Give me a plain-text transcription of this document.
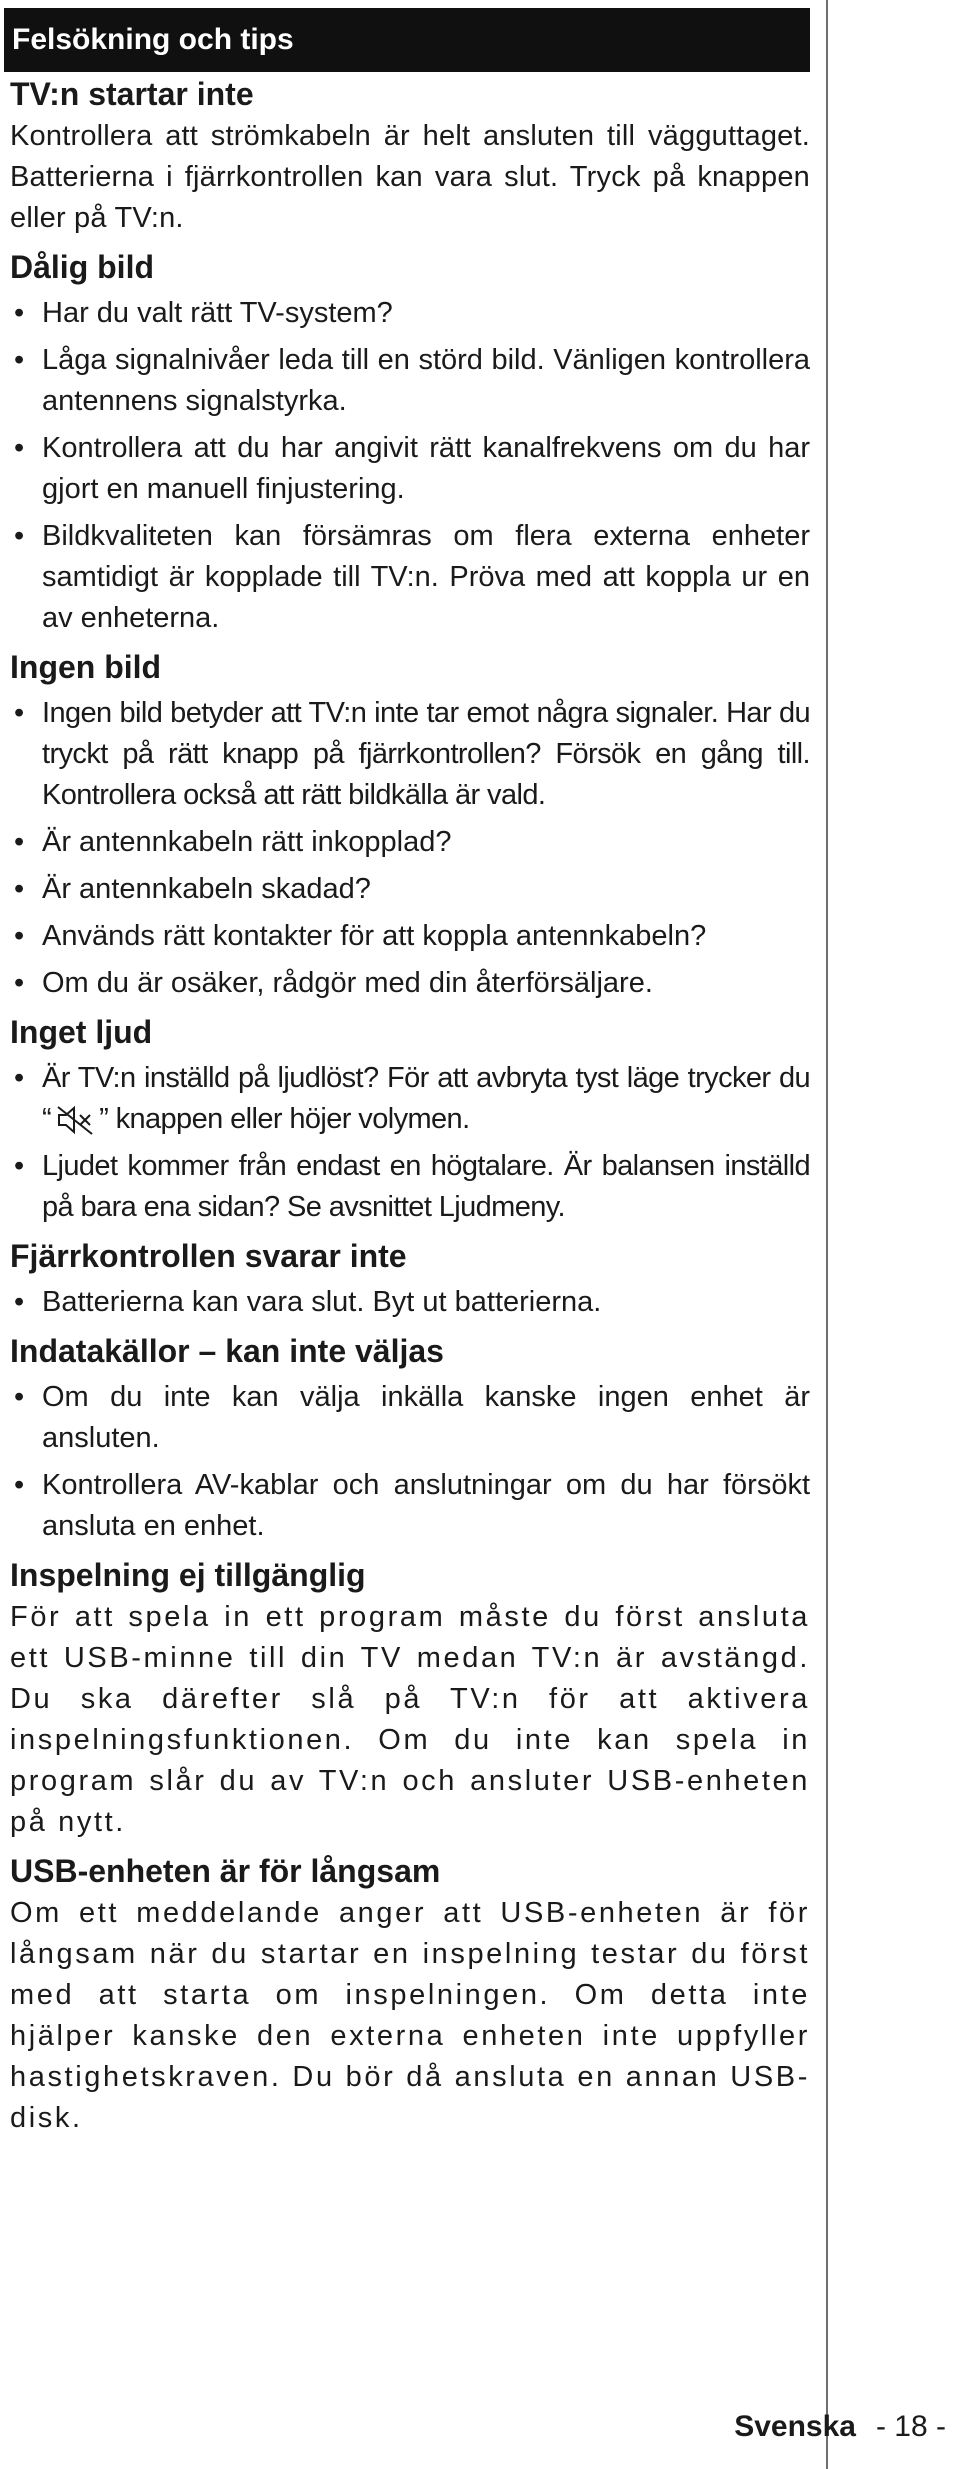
Felsökning och tips
TV:n startar inte

Kontrollera att strömkabeln är helt ansluten till vägguttaget. Batterierna i fjärrkontrollen kan vara slut. Tryck på knappen eller på TV:n.

Dålig bild
• Har du valt rätt TV-system?
• Låga signalnivåer leda till en störd bild. Vänligen kontrollera antennens signalstyrka.
• Kontrollera att du har angivit rätt kanalfrekvens om du har gjort en manuell finjustering.
• Bildkvaliteten kan försämras om flera externa enheter samtidigt är kopplade till TV:n. Pröva med att koppla ur en av enheterna.
Ingen bild
• Ingen bild betyder att TV:n inte tar emot några signaler. Har du tryckt på rätt knapp på fjärrkontrollen? Försök en gång till. Kontrollera också att rätt bildkälla är vald.
• Är antennkabeln rätt inkopplad?
• Är antennkabeln skadad?
• Används rätt kontakter för att koppla antennkabeln?
• Om du är osäker, rådgör med din återförsäljare.
Inget ljud
• Är TV:n inställd på ljudlöst? För att avbryta tyst läge trycker du “ ” knappen eller höjer volymen.
• Ljudet kommer från endast en högtalare. Är balansen inställd på bara ena sidan? Se avsnittet Ljudmeny.
Fjärrkontrollen svarar inte
• Batterierna kan vara slut. Byt ut batterierna.
Indatakällor – kan inte väljas
• Om du inte kan välja inkälla kanske ingen enhet är ansluten.
• Kontrollera AV-kablar och anslutningar om du har försökt ansluta en enhet.
Inspelning ej tillgänglig

För att spela in ett program måste du först ansluta ett USB-minne till din TV medan TV:n är avstängd. Du ska därefter slå på TV:n för att aktivera inspelningsfunktionen. Om du inte kan spela in program slår du av TV:n och ansluter USB-enheten på nytt.

USB-enheten är för långsam

Om ett meddelande anger att USB-enheten är för långsam när du startar en inspelning testar du först med att starta om inspelningen. Om detta inte hjälper kanske den externa enheten inte uppfyller hastighetskraven. Du bör då ansluta en annan USB-disk.

Svenska - 18 -
